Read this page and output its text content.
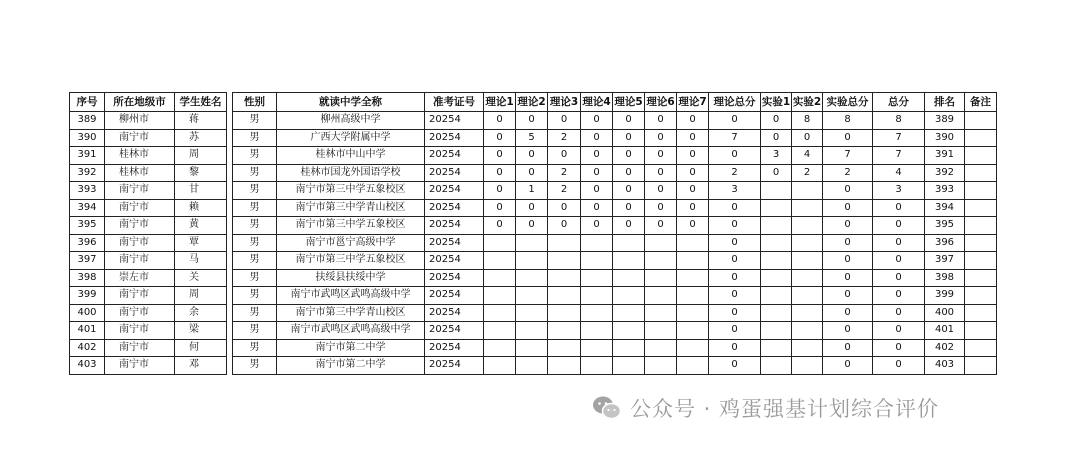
序号	所在地级市	学生姓名		性别	就读中学全称	准考证号	理论1	理论2	理论3	理论4	理论5	理论6	理论7	理论总分	实验1	实验2	实验总分	总分	排名	备注
389	柳州市	蒋		男	柳州高级中学	20254	0	0	0	0	0	0	0	0	0	8	8	8	389	
390	南宁市	苏		男	广西大学附属中学	20254	0	5	2	0	0	0	0	7	0	0	0	7	390	
391	桂林市	周		男	桂林市中山中学	20254	0	0	0	0	0	0	0	0	3	4	7	7	391	
392	桂林市	黎		男	桂林市国龙外国语学校	20254	0	0	2	0	0	0	0	2	0	2	2	4	392	
393	南宁市	甘		男	南宁市第三中学五象校区	20254	0	1	2	0	0	0	0	3			0	3	393	
394	南宁市	赖		男	南宁市第三中学青山校区	20254	0	0	0	0	0	0	0	0			0	0	394	
395	南宁市	黄		男	南宁市第三中学五象校区	20254	0	0	0	0	0	0	0	0			0	0	395	
396	南宁市	覃		男	南宁市邕宁高级中学	20254								0			0	0	396	
397	南宁市	马		男	南宁市第三中学五象校区	20254								0			0	0	397	
398	崇左市	关		男	扶绥县扶绥中学	20254								0			0	0	398	
399	南宁市	周		男	南宁市武鸣区武鸣高级中学	20254								0			0	0	399	
400	南宁市	余		男	南宁市第三中学青山校区	20254								0			0	0	400	
401	南宁市	梁		男	南宁市武鸣区武鸣高级中学	20254								0			0	0	401	
402	南宁市	何		男	南宁市第二中学	20254								0			0	0	402	
403	南宁市	邓		男	南宁市第二中学	20254								0			0	0	403	
公众号 · 鸡蛋强基计划综合评价
